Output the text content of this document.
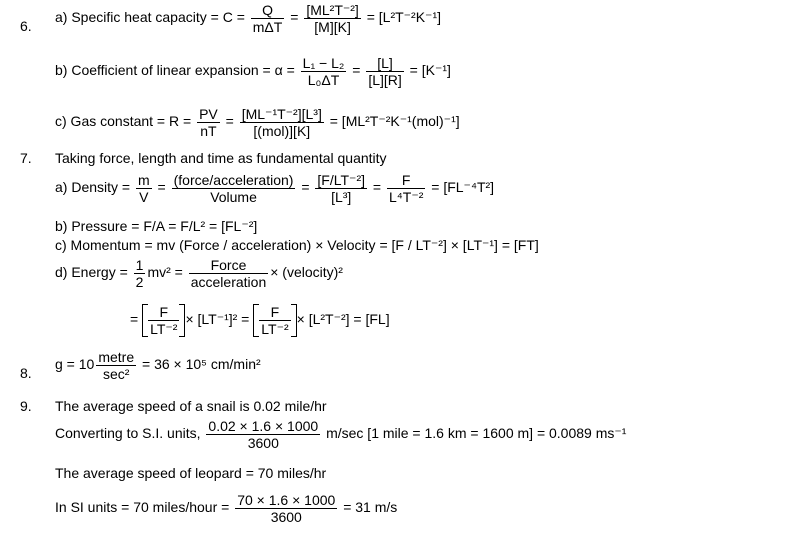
6.
a) Specific heat capacity = $C = \frac{Q}{\text{mΔT}} = \frac{\text{[ML²T⁻²]}}{[M][K]} = [L^2T^{-2}K^{-1}]$
b) Coefficient of linear expansion = $\alpha = \frac{\text{L₁ − L₂}}{\text{L₀ΔT}} = \frac{[L]}{[L][R]} = [K^{-1}]$
c) Gas constant = $R = \frac{PV}{nT} = \frac{\text{[ML⁻¹T⁻²][L³]}}{\text{[(mol)][K]}} = [ML^2T^{-2}K^{-1}(mol)^{-1}]$
7. Taking force, length and time as fundamental quantity
a) Density = $\frac{m}{V} = \frac{\text{(force/acceleration)}}{\text{Volume}} = \frac{\text{[F/LT⁻²]}}{\text{[L³]}} = \frac{F}{\text{L⁴T⁻²}} = [FL^{-4}T^2]$
b) Pressure = F/A = F/L² = [FL⁻²]
c) Momentum = mv (Force / acceleration) × Velocity = [F / LT⁻²] × [LT⁻¹] = [FT]
d) Energy = $\frac{1}{2} mv^2 = \frac{\text{Force}}{\text{acceleration}}$ × (velocity)²
= $\frac{F}{\text{LT⁻²}} \times [LT^{-1}]^2 = \frac{F}{\text{LT⁻²}} \times [L^2T^{-2}] = [FL]$
8.
$g = 10 \frac{\text{metre}}{\text{sec²}} = 36 \times 10^5$ cm/min²
9. The average speed of a snail is 0.02 mile/hr
Converting to S.I. units, $\frac{0.02 \times 1.6 \times 1000}{3600} m/\sec$ [1 mile = 1.6 km = 1600 m] = 0.0089 ms⁻¹
The average speed of leopard = 70 miles/hr
In SI units = 70 miles/hour = $\frac{70 \times 1.6 \times 1000}{3600} = 31$ m/s
